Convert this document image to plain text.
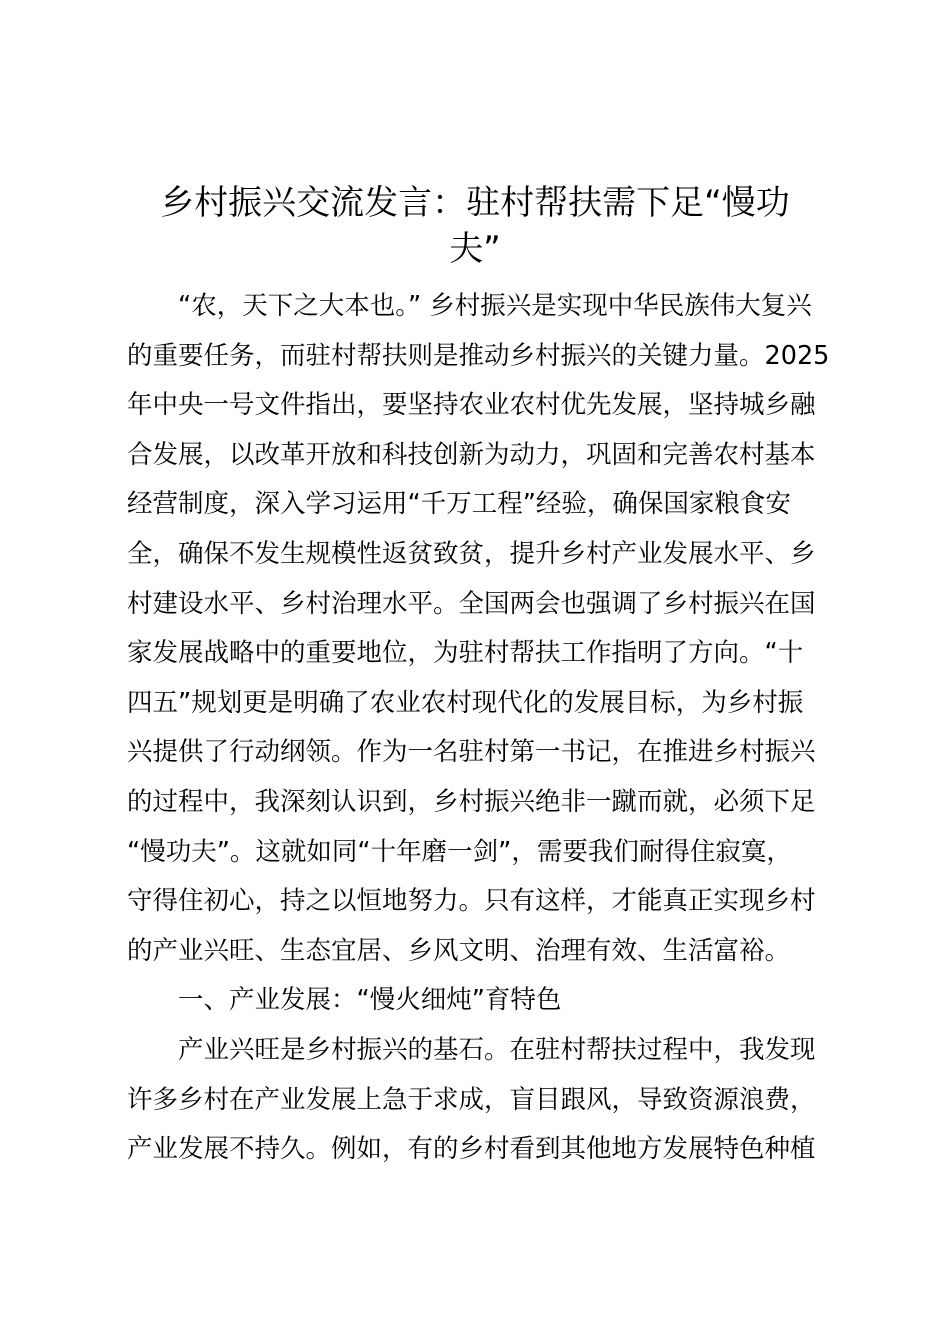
乡村振兴交流发言：驻村帮扶需下足“慢功
夫”
“农，天下之大本也。” 乡村振兴是实现中华民族伟大复兴
的重要任务，而驻村帮扶则是推动乡村振兴的关键力量。2025
年中央一号文件指出，要坚持农业农村优先发展，坚持城乡融
合发展，以改革开放和科技创新为动力，巩固和完善农村基本
经营制度，深入学习运用“千万工程”经验，确保国家粮食安
全，确保不发生规模性返贫致贫，提升乡村产业发展水平、乡
村建设水平、乡村治理水平。全国两会也强调了乡村振兴在国
家发展战略中的重要地位，为驻村帮扶工作指明了方向。“十
四五”规划更是明确了农业农村现代化的发展目标，为乡村振
兴提供了行动纲领。作为一名驻村第一书记，在推进乡村振兴
的过程中，我深刻认识到，乡村振兴绝非一蹴而就，必须下足
“慢功夫”。这就如同“十年磨一剑”，需要我们耐得住寂寞，
守得住初心，持之以恒地努力。只有这样，才能真正实现乡村
的产业兴旺、生态宜居、乡风文明、治理有效、生活富裕。
一、产业发展：“慢火细炖”育特色
产业兴旺是乡村振兴的基石。在驻村帮扶过程中，我发现
许多乡村在产业发展上急于求成，盲目跟风，导致资源浪费，
产业发展不持久。例如，有的乡村看到其他地方发展特色种植
